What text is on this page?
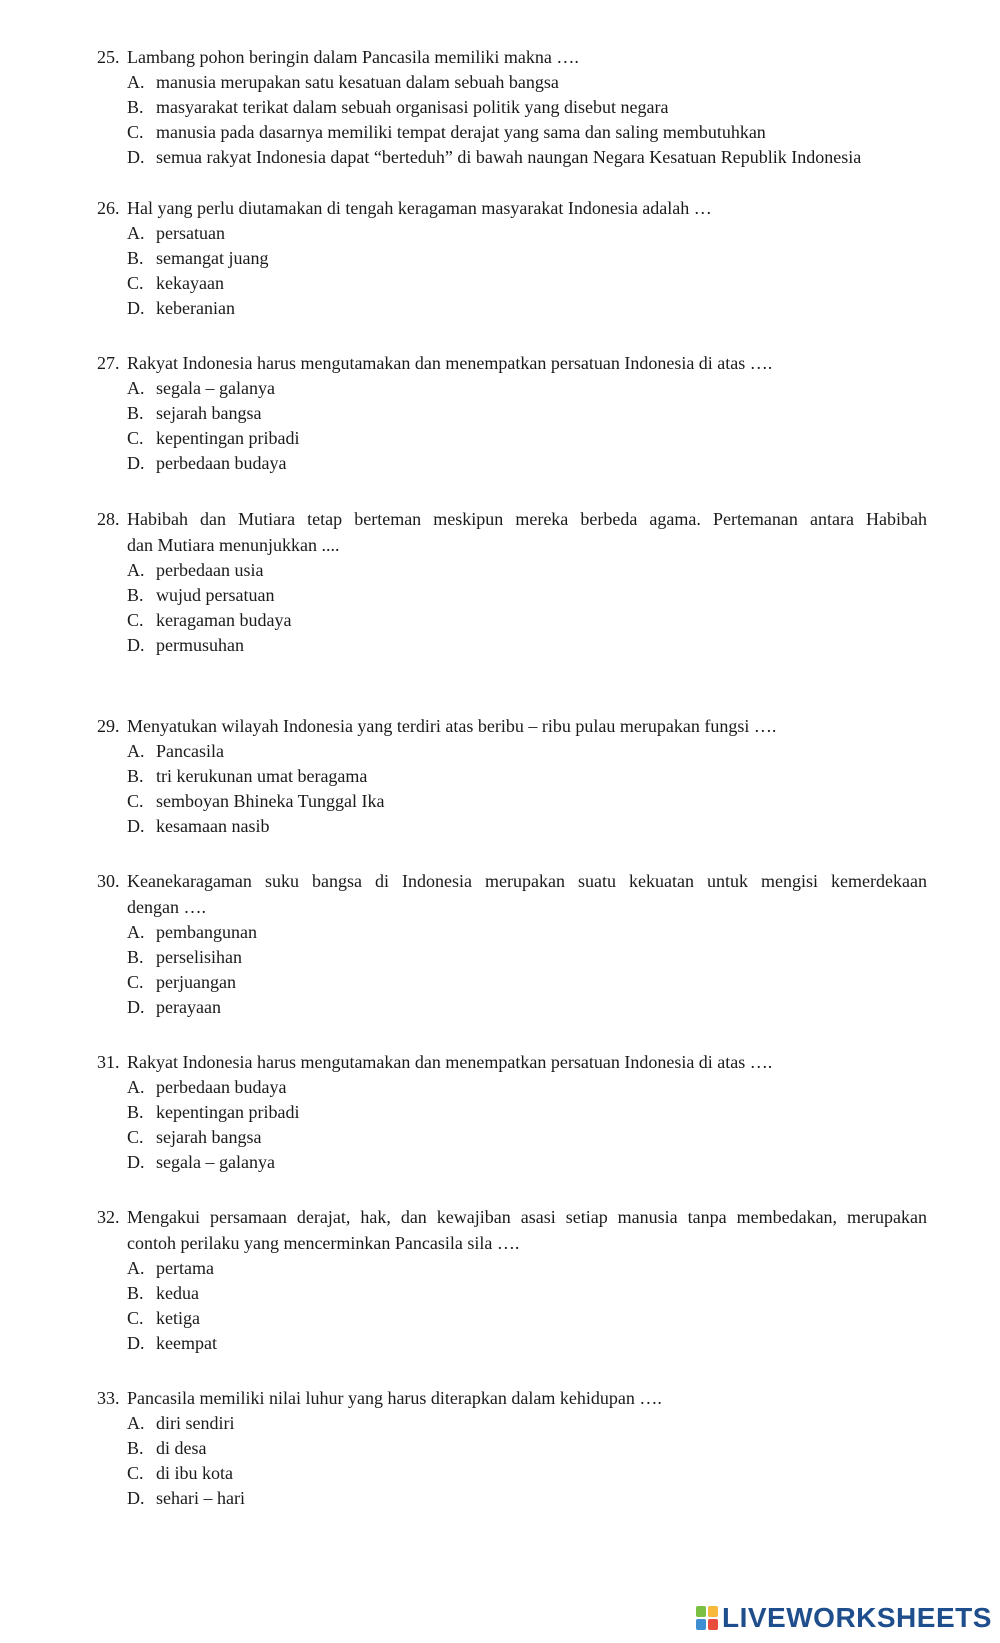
25. Lambang pohon beringin dalam Pancasila memiliki makna ….
A. manusia merupakan satu kesatuan dalam sebuah bangsa
B. masyarakat terikat dalam sebuah organisasi politik yang disebut negara
C. manusia pada dasarnya memiliki tempat derajat yang sama dan saling membutuhkan
D. semua rakyat Indonesia dapat “berteduh” di bawah naungan Negara Kesatuan Republik Indonesia
26. Hal yang perlu diutamakan di tengah keragaman masyarakat Indonesia adalah …
A. persatuan
B. semangat juang
C. kekayaan
D. keberanian
27. Rakyat Indonesia harus mengutamakan dan menempatkan persatuan Indonesia di atas ….
A. segala – galanya
B. sejarah bangsa
C. kepentingan pribadi
D. perbedaan budaya
28. Habibah dan Mutiara tetap berteman meskipun mereka berbeda agama. Pertemanan antara Habibah
dan Mutiara menunjukkan ....
A. perbedaan usia
B. wujud persatuan
C. keragaman budaya
D. permusuhan
29. Menyatukan wilayah Indonesia yang terdiri atas beribu – ribu pulau merupakan fungsi ….
A. Pancasila
B. tri kerukunan umat beragama
C. semboyan Bhineka Tunggal Ika
D. kesamaan nasib
30. Keanekaragaman suku bangsa di Indonesia merupakan suatu kekuatan untuk mengisi kemerdekaan
dengan ….
A. pembangunan
B. perselisihan
C. perjuangan
D. perayaan
31. Rakyat Indonesia harus mengutamakan dan menempatkan persatuan Indonesia di atas ….
A. perbedaan budaya
B. kepentingan pribadi
C. sejarah bangsa
D. segala – galanya
32. Mengakui persamaan derajat, hak, dan kewajiban asasi setiap manusia tanpa membedakan, merupakan
contoh perilaku yang mencerminkan Pancasila sila ….
A. pertama
B. kedua
C. ketiga
D. keempat
33. Pancasila memiliki nilai luhur yang harus diterapkan dalam kehidupan ….
A. diri sendiri
B. di desa
C. di ibu kota
D. sehari – hari
LIVEWORKSHEETS
